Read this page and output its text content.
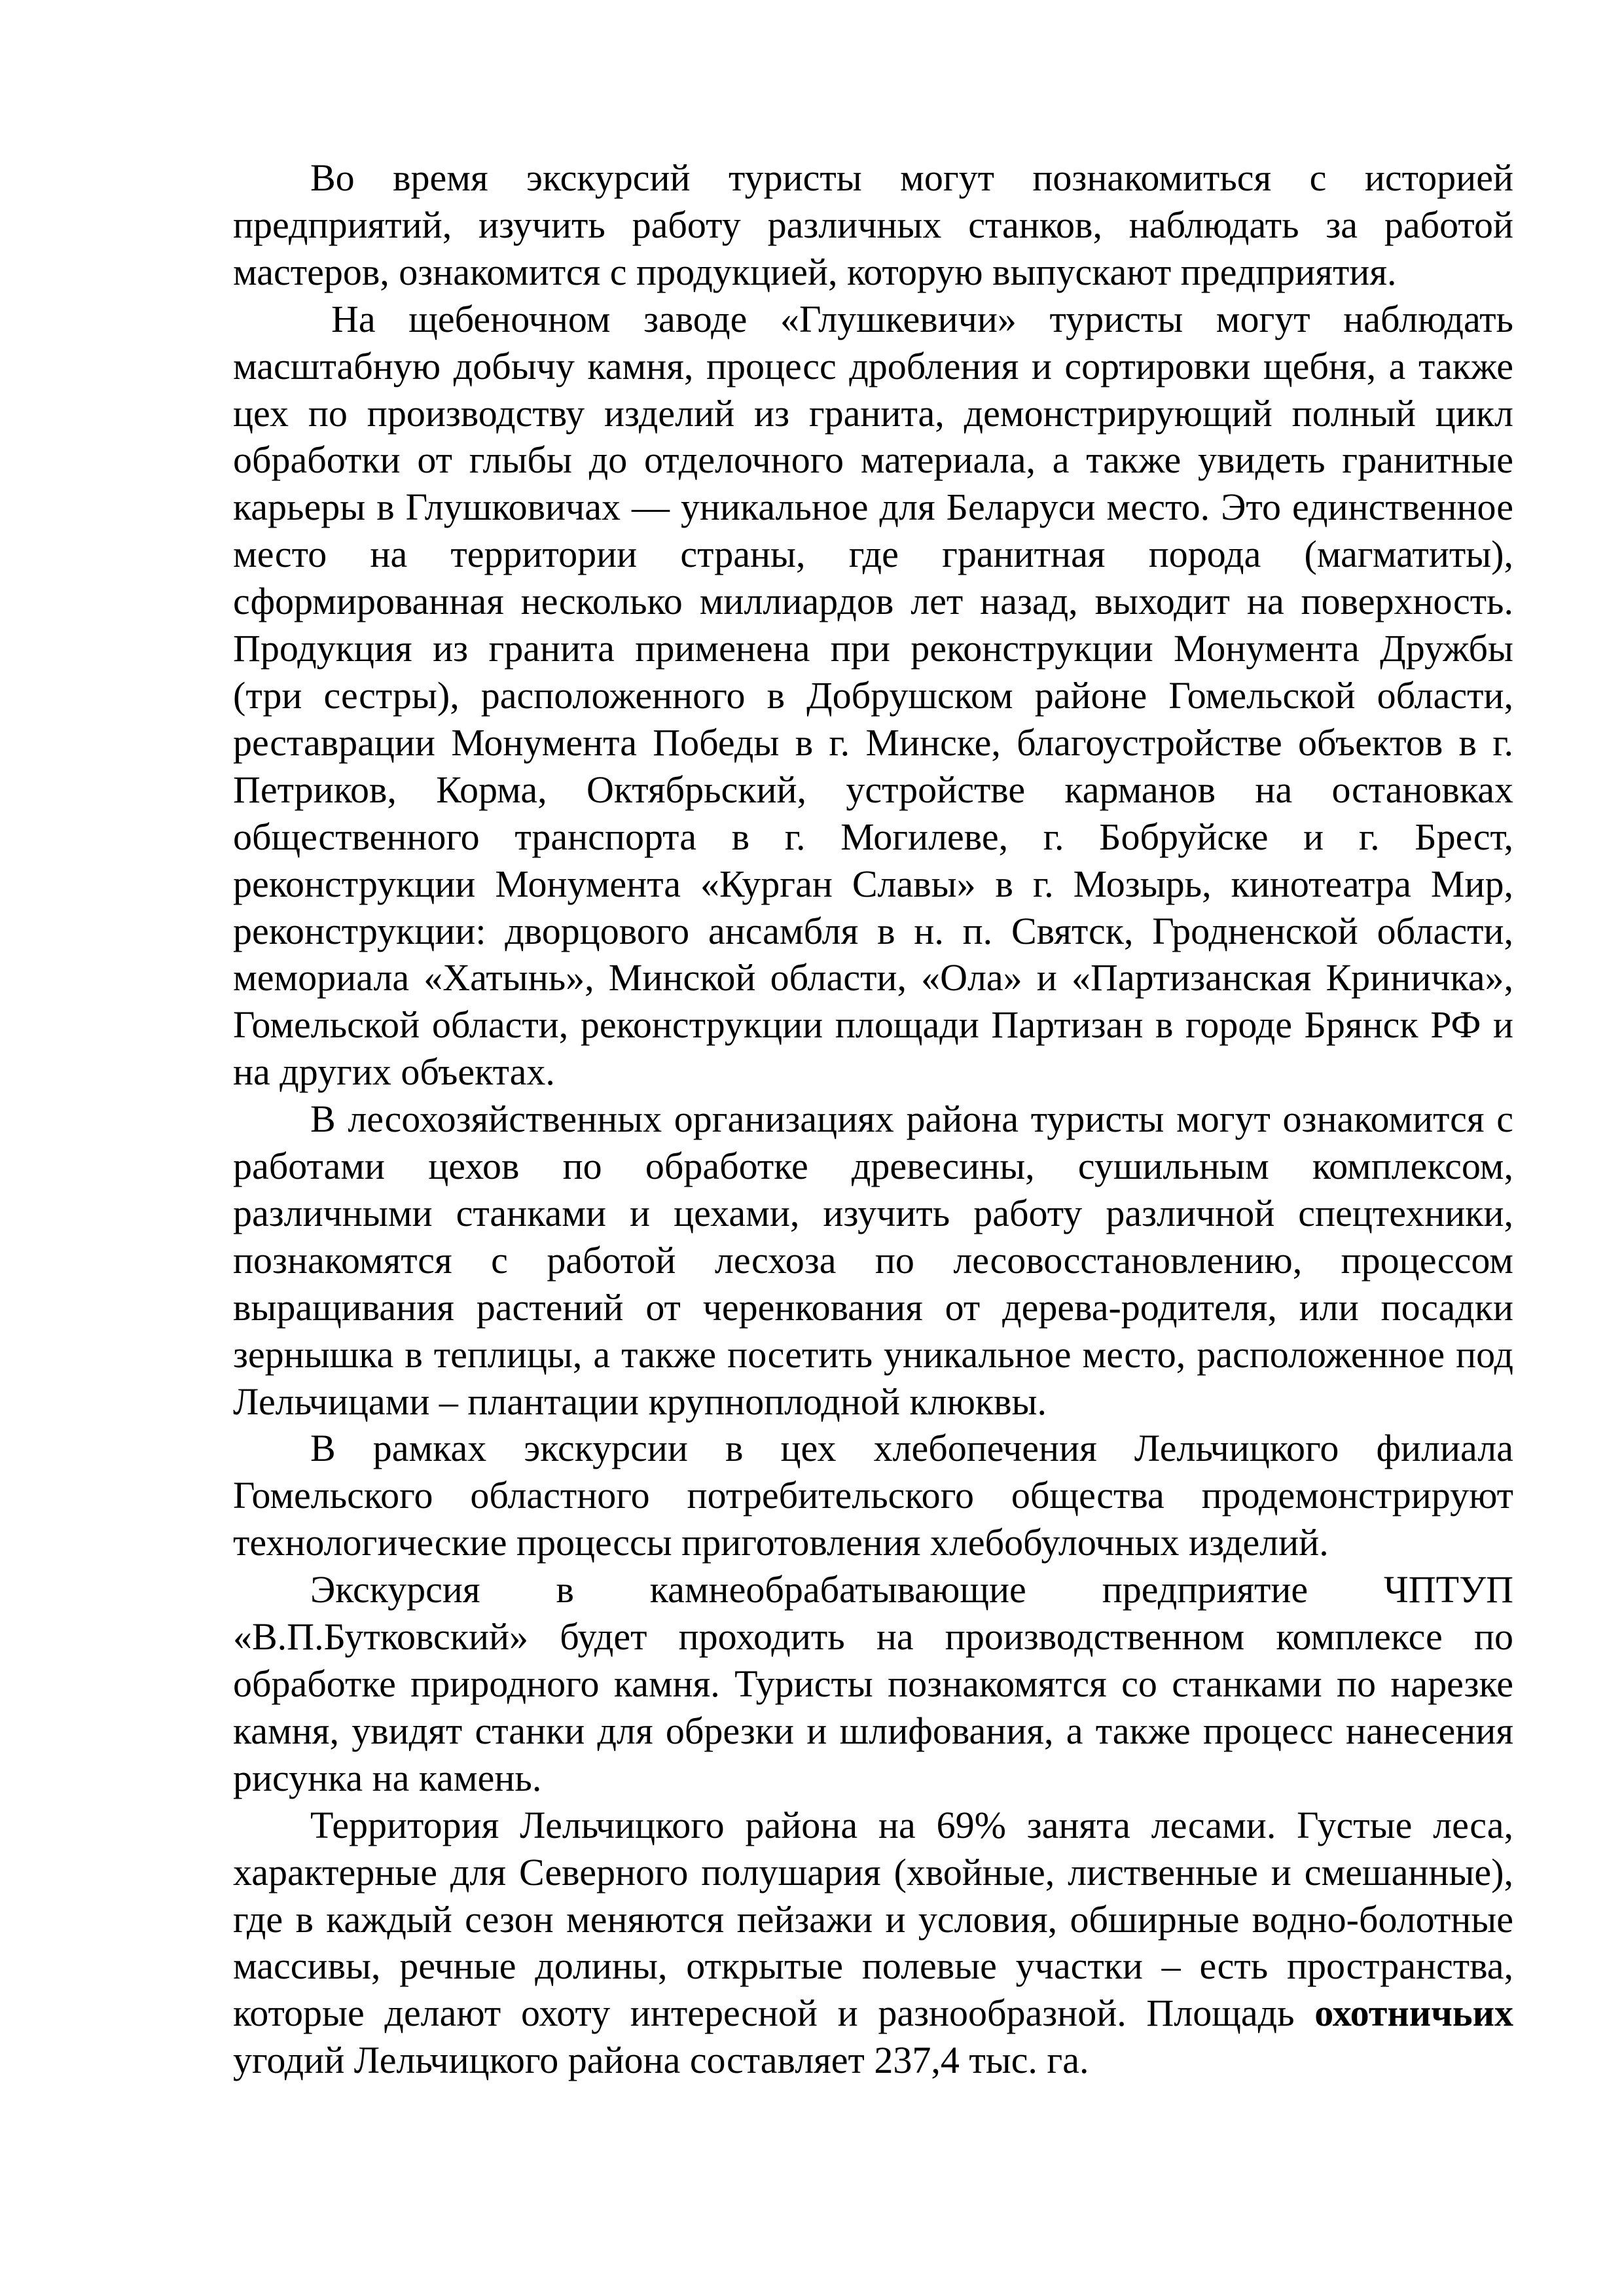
Во время экскурсий туристы могут познакомиться с историей предприятий, изучить работу различных станков, наблюдать за работой мастеров, ознакомится с продукцией, которую выпускают предприятия.

На щебеночном заводе «Глушкевичи» туристы могут наблюдать масштабную добычу камня, процесс дробления и сортировки щебня, а также цех по производству изделий из гранита, демонстрирующий полный цикл обработки от глыбы до отделочного материала, а также увидеть гранитные карьеры в Глушковичах — уникальное для Беларуси место. Это единственное место на территории страны, где гранитная порода (магматиты), сформированная несколько миллиардов лет назад, выходит на поверхность. Продукция из гранита применена при реконструкции Монумента Дружбы (три сестры), расположенного в Добрушском районе Гомельской области, реставрации Монумента Победы в г. Минске, благоустройстве объектов в г. Петриков, Корма, Октябрьский, устройстве карманов на остановках общественного транспорта в г. Могилеве, г. Бобруйске и г. Брест, реконструкции Монумента «Курган Славы» в г. Мозырь, кинотеатра Мир, реконструкции: дворцового ансамбля в н. п. Святск, Гродненской области, мемориала «Хатынь», Минской области, «Ола» и «Партизанская Криничка», Гомельской области, реконструкции площади Партизан в городе Брянск РФ и на других объектах.

В лесохозяйственных организациях района туристы могут ознакомится с работами цехов по обработке древесины, сушильным комплексом, различными станками и цехами, изучить работу различной спецтехники, познакомятся с работой лесхоза по лесовосстановлению, процессом выращивания растений от черенкования от дерева-родителя, или посадки зернышка в теплицы, а также посетить уникальное место, расположенное под Лельчицами – плантации крупноплодной клюквы.

В рамках экскурсии в цех хлебопечения Лельчицкого филиала Гомельского областного потребительского общества продемонстрируют технологические процессы приготовления хлебобулочных изделий.

Экскурсия в камнеобрабатывающие предприятие ЧПТУП «В.П.Бутковский» будет проходить на производственном комплексе по обработке природного камня. Туристы познакомятся со станками по нарезке камня, увидят станки для обрезки и шлифования, а также процесс нанесения рисунка на камень.

Территория Лельчицкого района на 69% занята лесами. Густые леса, характерные для Северного полушария (хвойные, лиственные и смешанные), где в каждый сезон меняются пейзажи и условия, обширные водно-болотные массивы, речные долины, открытые полевые участки – есть пространства, которые делают охоту интересной и разнообразной. Площадь охотничьих угодий Лельчицкого района составляет 237,4 тыс. га.
